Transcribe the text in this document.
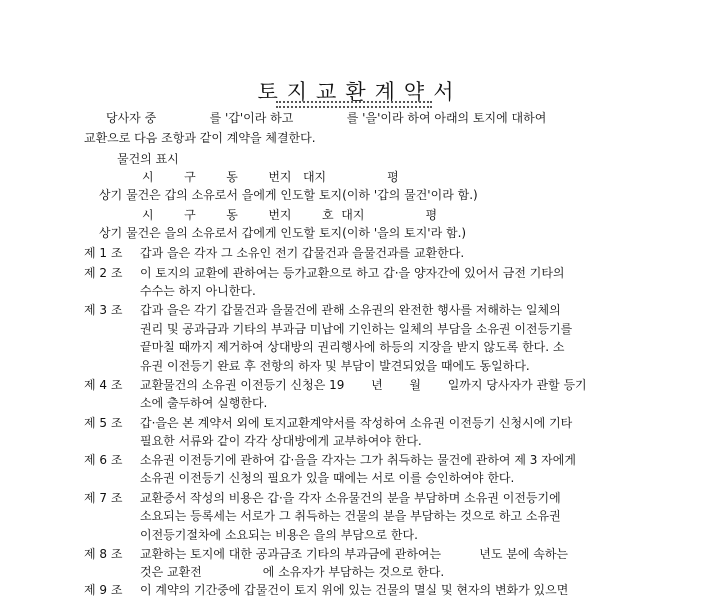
토지교환계약서
당사자 중              를 '갑'이라 하고              를 '을'이라 하여 아래의 토지에 대하여
교환으로 다음 조항과 같이 계약을 체결한다.
물건의 표시
시        구        동        번지   대지                평
상기 물건은 갑의 소유로서 을에게 인도할 토지(이하 '갑의 물건'이라 함.)
시        구        동        번지        호  대지                평
상기 물건은 을의 소유로서 갑에게 인도할 토지(이하 '을의 토지'라 함.)
제 1 조 갑과 을은 각자 그 소유인 전기 갑물건과 을물건과를 교환한다.
제 2 조 이 토지의 교환에 관하여는 등가교환으로 하고 갑·을 양자간에 있어서 금전 기타의
수수는 하지 아니한다.
제 3 조 갑과 을은 각기 갑물건과 을물건에 관해 소유권의 완전한 행사를 저해하는 일체의
권리 및 공과금과 기타의 부과금 미납에 기인하는 일체의 부담을 소유권 이전등기를
끝마칠 때까지 제거하여 상대방의 권리행사에 하등의 지장을 받지 않도록 한다. 소
유권 이전등기 완료 후 전항의 하자 및 부담이 발견되었을 때에도 동일하다.
제 4 조 교환물건의 소유권 이전등기 신청은 19       년       월       일까지 당사자가 관할 등기
소에 출두하여 실행한다.
제 5 조 갑·을은 본 계약서 외에 토지교환계약서를 작성하여 소유권 이전등기 신청시에 기타
필요한 서류와 같이 각각 상대방에게 교부하여야 한다.
제 6 조 소유권 이전등기에 관하여 갑·을을 각자는 그가 취득하는 물건에 관하여 제 3 자에게
소유권 이전등기 신청의 필요가 있을 때에는 서로 이를 승인하여야 한다.
제 7 조 교환증서 작성의 비용은 갑·을 각자 소유물건의 분을 부담하며 소유권 이전등기에
소요되는 등록세는 서로가 그 취득하는 건물의 분을 부담하는 것으로 하고 소유권
이전등기절차에 소요되는 비용은 을의 부담으로 한다.
제 8 조 교환하는 토지에 대한 공과금조 기타의 부과금에 관하여는          년도 분에 속하는
것은 교환전                에 소유자가 부담하는 것으로 한다.
제 9 조 이 계약의 기간중에 갑물건이 토지 위에 있는 건물의 멸실 및 현자의 변화가 있으면
